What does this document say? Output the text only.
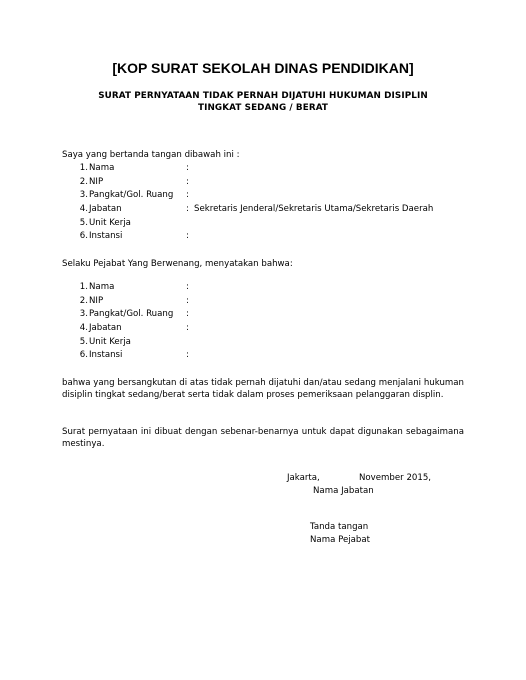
[KOP SURAT SEKOLAH DINAS PENDIDIKAN]
SURAT PERNYATAAN TIDAK PERNAH DIJATUHI HUKUMAN DISIPLIN
TINGKAT SEDANG / BERAT

Saya yang bertanda tangan dibawah ini :

1. Nama	:
2. NIP	:
3. Pangkat/Gol. Ruang :
4. Jabatan	: Sekretaris Jenderal/Sekretaris Utama/Sekretaris Daerah
5. Unit Kerja
6. Instansi	:

Selaku Pejabat Yang Berwenang, menyatakan bahwa:

1. Nama	:
2. NIP	:
3. Pangkat/Gol. Ruang :
4. Jabatan	:
5. Unit Kerja
6. Instansi	:

bahwa yang bersangkutan di atas tidak pernah dijatuhi dan/atau sedang menjalani hukuman disiplin tingkat sedang/berat serta tidak dalam proses pemeriksaan pelanggaran displin.

Surat pernyataan ini dibuat dengan sebenar-benarnya untuk dapat digunakan sebagaimana mestinya.

Jakarta,	November 2015,

Nama Jabatan

Tanda tangan

Nama Pejabat
